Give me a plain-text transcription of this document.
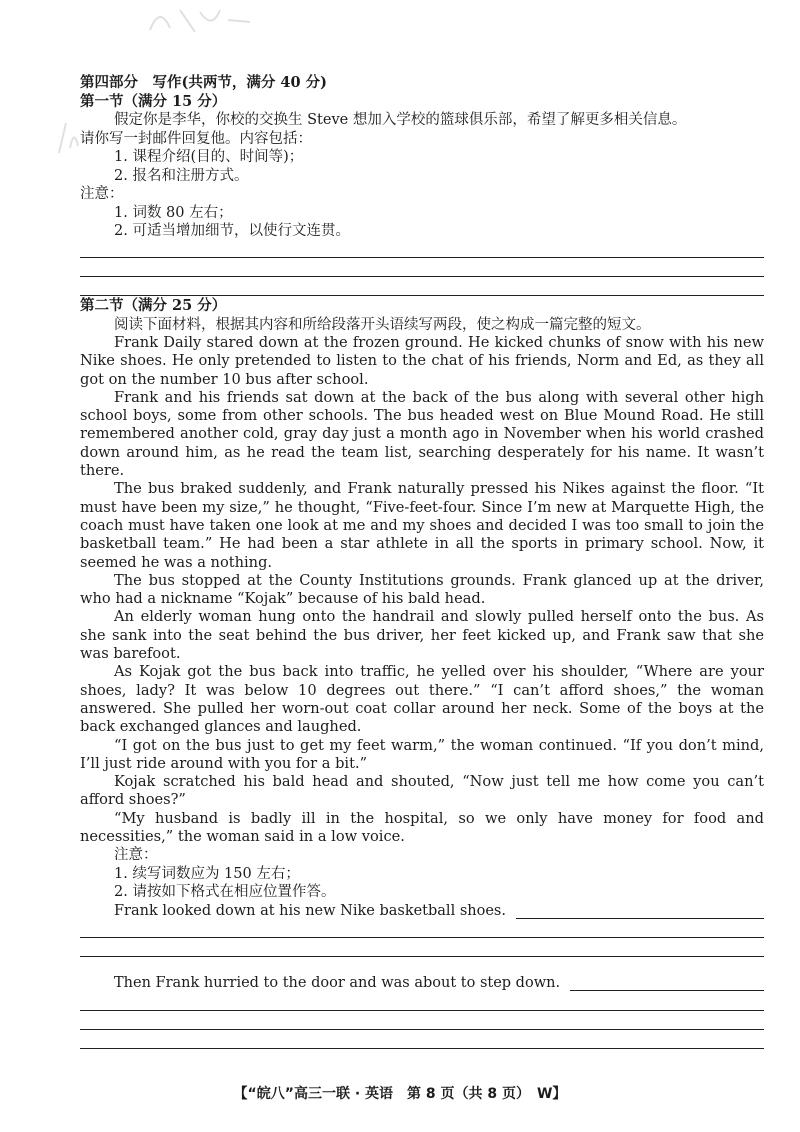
第四部分　写作(共两节，满分 40 分)
第一节（满分 15 分）
假定你是李华，你校的交换生 Steve 想加入学校的篮球俱乐部，希望了解更多相关信息。
请你写一封邮件回复他。内容包括：
1. 课程介绍(目的、时间等)；
2. 报名和注册方式。
注意：
1. 词数 80 左右；
2. 可适当增加细节，以使行文连贯。
第二节（满分 25 分）
阅读下面材料，根据其内容和所给段落开头语续写两段，使之构成一篇完整的短文。

Frank Daily stared down at the frozen ground. He kicked chunks of snow with his new Nike shoes. He only pretended to listen to the chat of his friends, Norm and Ed, as they all got on the number 10 bus after school.

Frank and his friends sat down at the back of the bus along with several other high school boys, some from other schools. The bus headed west on Blue Mound Road. He still remembered another cold, gray day just a month ago in November when his world crashed down around him, as he read the team list, searching desperately for his name. It wasn’t there.

The bus braked suddenly, and Frank naturally pressed his Nikes against the floor. “It must have been my size,” he thought, “Five-feet-four. Since I’m new at Marquette High, the coach must have taken one look at me and my shoes and decided I was too small to join the basketball team.” He had been a star athlete in all the sports in primary school. Now, it seemed he was a nothing.

The bus stopped at the County Institutions grounds. Frank glanced up at the driver, who had a nickname “Kojak” because of his bald head.

An elderly woman hung onto the handrail and slowly pulled herself onto the bus. As she sank into the seat behind the bus driver, her feet kicked up, and Frank saw that she was barefoot.

As Kojak got the bus back into traffic, he yelled over his shoulder, “Where are your shoes, lady? It was below 10 degrees out there.” “I can’t afford shoes,” the woman answered. She pulled her worn-out coat collar around her neck. Some of the boys at the back exchanged glances and laughed.

“I got on the bus just to get my feet warm,” the woman continued. “If you don’t mind, I’ll just ride around with you for a bit.”

Kojak scratched his bald head and shouted, “Now just tell me how come you can’t afford shoes?”

“My husband is badly ill in the hospital, so we only have money for food and necessities,” the woman said in a low voice.

注意：
1. 续写词数应为 150 左右；
2. 请按如下格式在相应位置作答。
Frank looked down at his new Nike basketball shoes.
Then Frank hurried to the door and was about to step down.
【“皖八”高三一联 · 英语　第 8 页（共 8 页）　W】
